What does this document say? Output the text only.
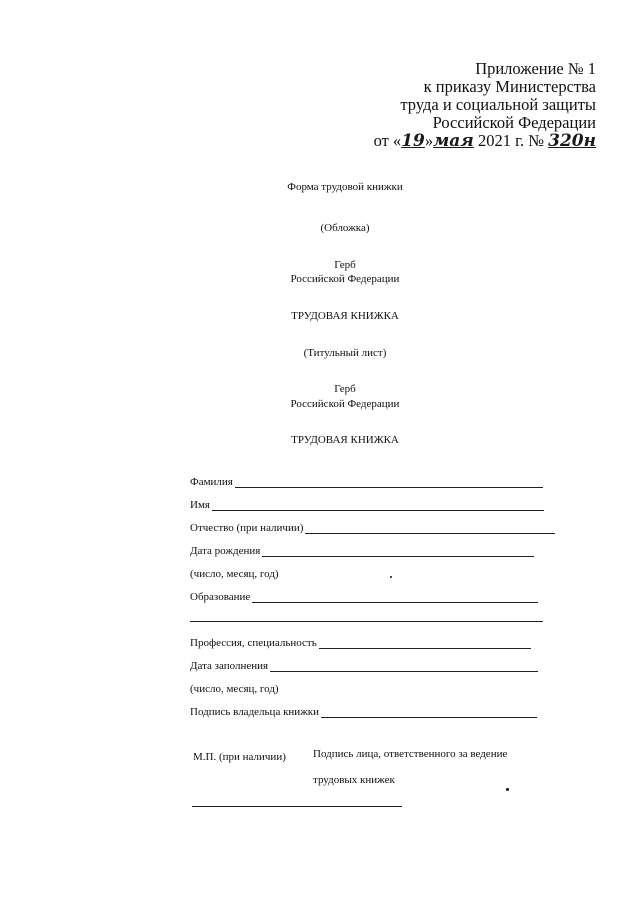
Приложение № 1
к приказу Министерства
труда и социальной защиты
Российской Федерации
от «19»мая 2021 г. № 320н
Форма трудовой книжки
(Обложка)
Герб
Российской Федерации
ТРУДОВАЯ КНИЖКА
(Титульный лист)
Герб
Российской Федерации
ТРУДОВАЯ КНИЖКА
Фамилия
Имя
Отчество (при наличии)
Дата рождения
(число, месяц, год)
Образование
Профессия, специальность
Дата заполнения
(число, месяц, год)
Подпись владельца книжки
М.П. (при наличии) Подпись лица, ответственного за ведение
трудовых книжек
